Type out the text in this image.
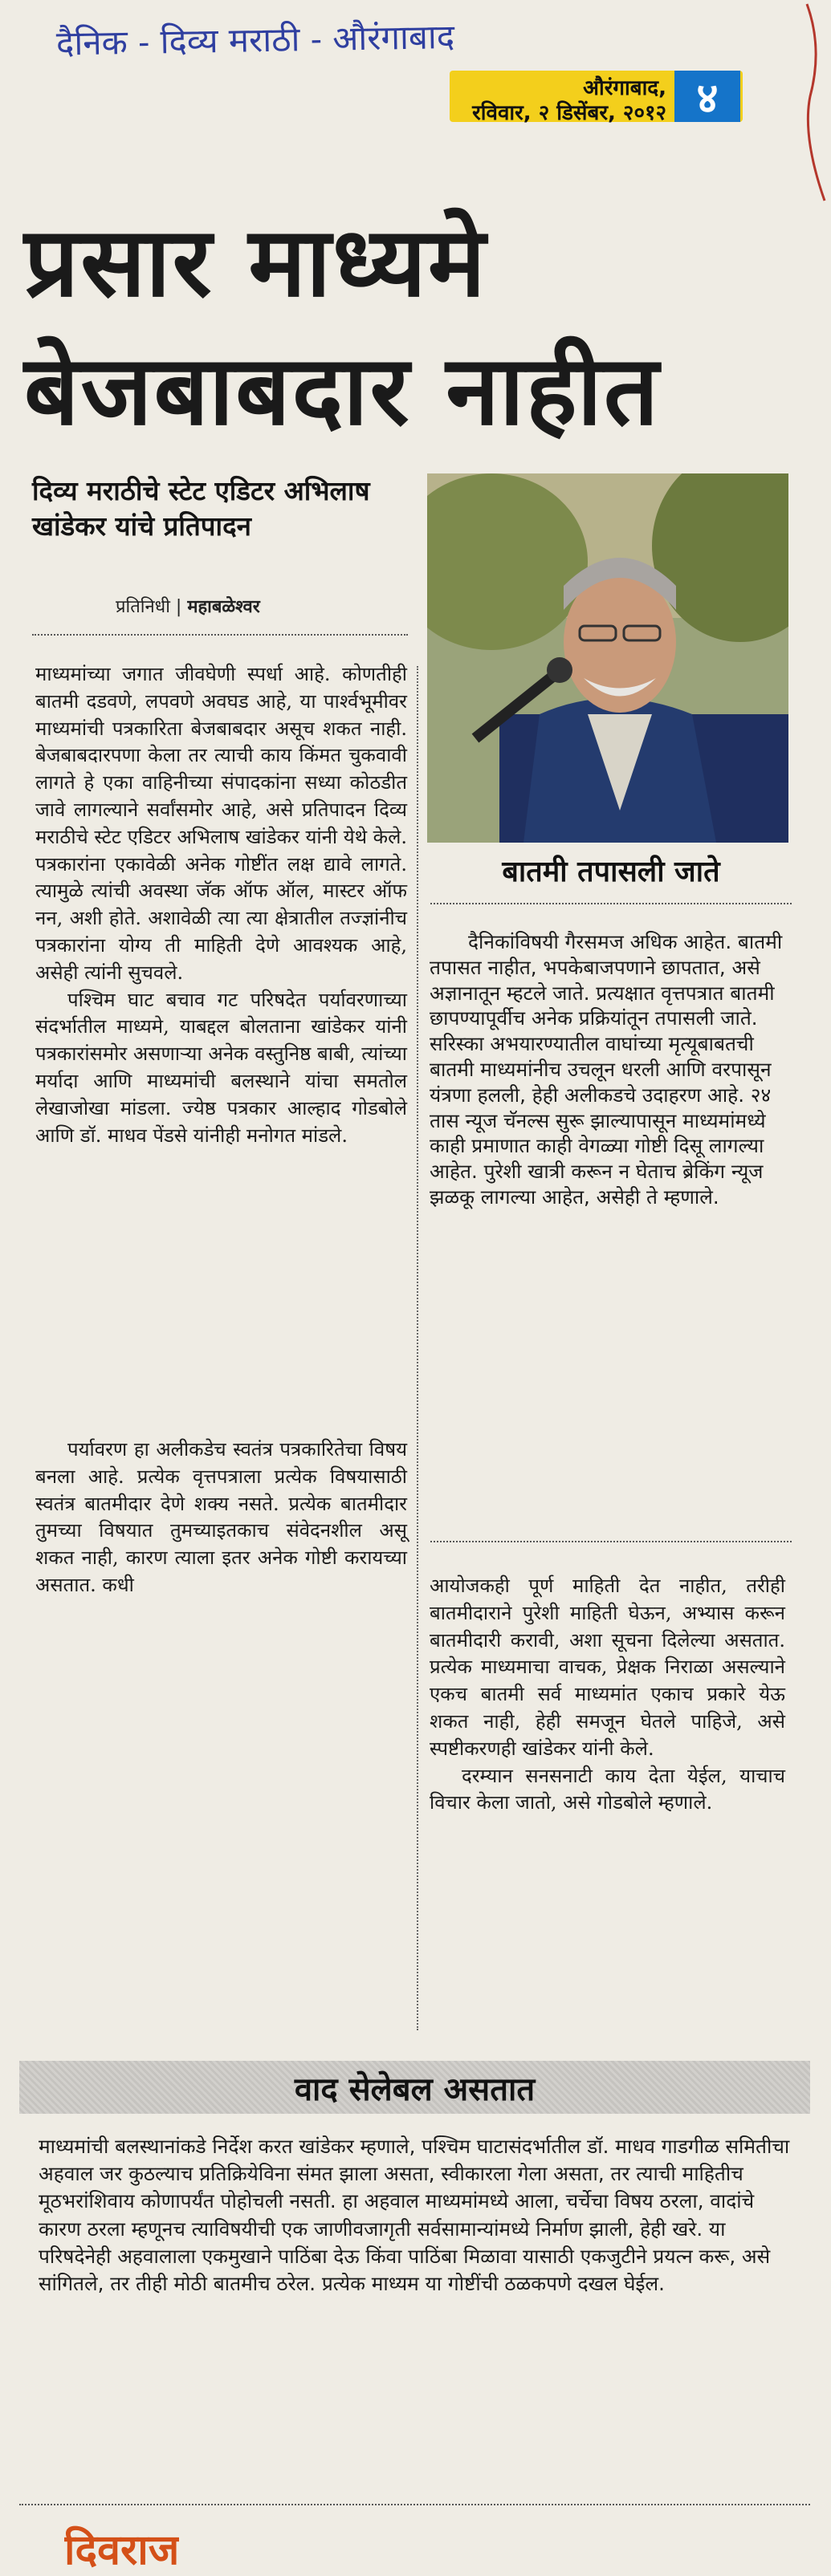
दैनिक - दिव्य मराठी - औरंगाबाद
औरंगाबाद,
रविवार, २ डिसेंबर, २०१२ ४
प्रसार माध्यमे
बेजबाबदार नाहीत
दिव्य मराठीचे स्टेट एडिटर अभिलाष खांडेकर यांचे प्रतिपादन
प्रतिनिधी | महाबळेश्वर
बातमी तपासली जाते

माध्यमांच्या जगात जीवघेणी स्पर्धा आहे. कोणतीही बातमी दडवणे, लपवणे अवघड आहे, या पार्श्वभूमीवर माध्यमांची पत्रकारिता बेजबाबदार असूच शकत नाही. बेजबाबदारपणा केला तर त्याची काय किंमत चुकवावी लागते हे एका वाहिनीच्या संपादकांना सध्या कोठडीत जावे लागल्याने सर्वांसमोर आहे, असे प्रतिपादन दिव्य मराठीचे स्टेट एडिटर अभिलाष खांडेकर यांनी येथे केले. पत्रकारांना एकावेळी अनेक गोष्टींत लक्ष द्यावे लागते. त्यामुळे त्यांची अवस्था जॅक ऑफ ऑल, मास्टर ऑफ नन, अशी होते. अशावेळी त्या त्या क्षेत्रातील तज्ज्ञांनीच पत्रकारांना योग्य ती माहिती देणे आवश्यक आहे, असेही त्यांनी सुचवले.

पश्चिम घाट बचाव गट परिषदेत पर्यावरणाच्या संदर्भातील माध्यमे, याबद्दल बोलताना खांडेकर यांनी पत्रकारांसमोर असणाऱ्या अनेक वस्तुनिष्ठ बाबी, त्यांच्या मर्यादा आणि माध्यमांची बलस्थाने यांचा समतोल लेखाजोखा मांडला. ज्येष्ठ पत्रकार आल्हाद गोडबोले आणि डॉ. माधव पेंडसे यांनीही मनोगत मांडले.

पर्यावरण हा अलीकडेच स्वतंत्र पत्रकारितेचा विषय बनला आहे. प्रत्येक वृत्तपत्राला प्रत्येक विषयासाठी स्वतंत्र बातमीदार देणे शक्य नसते. प्रत्येक बातमीदार तुमच्या विषयात तुमच्याइतकाच संवेदनशील असू शकत नाही, कारण त्याला इतर अनेक गोष्टी करायच्या असतात. कधी

दैनिकांविषयी गैरसमज अधिक आहेत. बातमी तपासत नाहीत, भपकेबाजपणाने छापतात, असे अज्ञानातून म्हटले जाते. प्रत्यक्षात वृत्तपत्रात बातमी छापण्यापूर्वीच अनेक प्रक्रियांतून तपासली जाते. सरिस्का अभयारण्यातील वाघांच्या मृत्यूबाबतची बातमी माध्यमांनीच उचलून धरली आणि वरपासून यंत्रणा हलली, हेही अलीकडचे उदाहरण आहे. २४ तास न्यूज चॅनल्स सुरू झाल्यापासून माध्यमांमध्ये काही प्रमाणात काही वेगळ्या गोष्टी दिसू लागल्या आहेत. पुरेशी खात्री करून न घेताच ब्रेकिंग न्यूज झळकू लागल्या आहेत, असेही ते म्हणाले.

आयोजकही पूर्ण माहिती देत नाहीत, तरीही बातमीदाराने पुरेशी माहिती घेऊन, अभ्यास करून बातमीदारी करावी, अशा सूचना दिलेल्या असतात. प्रत्येक माध्यमाचा वाचक, प्रेक्षक निराळा असल्याने एकच बातमी सर्व माध्यमांत एकाच प्रकारे येऊ शकत नाही, हेही समजून घेतले पाहिजे, असे स्पष्टीकरणही खांडेकर यांनी केले.

दरम्यान सनसनाटी काय देता येईल, याचाच विचार केला जातो, असे गोडबोले म्हणाले.

वाद सेलेबल असतात

माध्यमांची बलस्थानांकडे निर्देश करत खांडेकर म्हणाले, पश्चिम घाटासंदर्भातील डॉ. माधव गाडगीळ समितीचा अहवाल जर कुठल्याच प्रतिक्रियेविना संमत झाला असता, स्वीकारला गेला असता, तर त्याची माहितीच मूठभरांशिवाय कोणापर्यंत पोहोचली नसती. हा अहवाल माध्यमांमध्ये आला, चर्चेचा विषय ठरला, वादांचे कारण ठरला म्हणूनच त्याविषयीची एक जाणीवजागृती सर्वसामान्यांमध्ये निर्माण झाली, हेही खरे. या परिषदेनेही अहवालाला एकमुखाने पाठिंबा देऊ किंवा पाठिंबा मिळावा यासाठी एकजुटीने प्रयत्न करू, असे सांगितले, तर तीही मोठी बातमीच ठरेल. प्रत्येक माध्यम या गोष्टींची ठळकपणे दखल घेईल.

दिवराज
